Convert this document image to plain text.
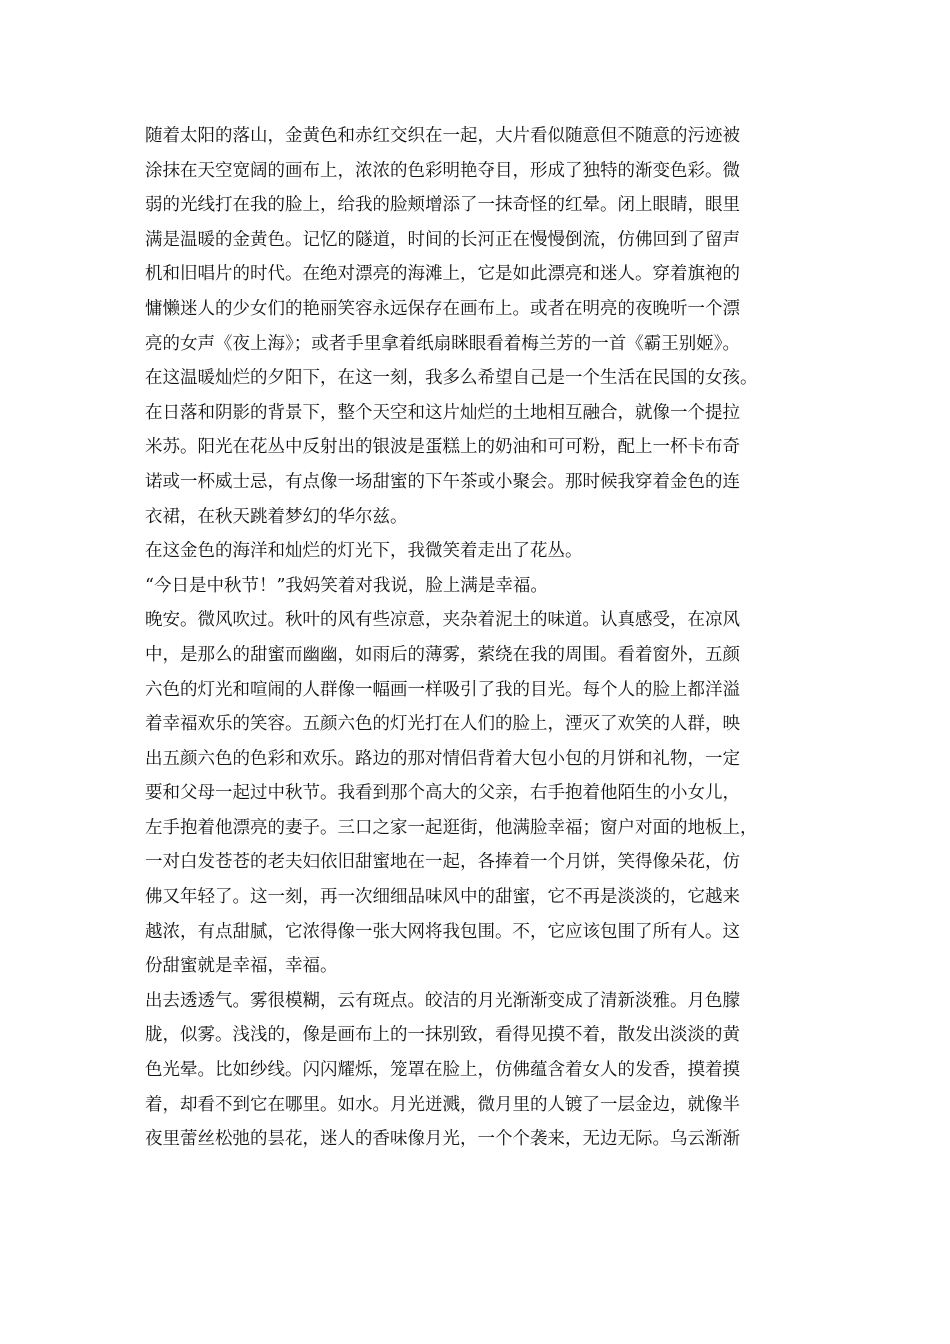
随着太阳的落山，金黄色和赤红交织在一起，大片看似随意但不随意的污迹被
涂抹在天空宽阔的画布上，浓浓的色彩明艳夺目，形成了独特的渐变色彩。微
弱的光线打在我的脸上，给我的脸颊增添了一抹奇怪的红晕。闭上眼睛，眼里
满是温暖的金黄色。记忆的隧道，时间的长河正在慢慢倒流，仿佛回到了留声
机和旧唱片的时代。在绝对漂亮的海滩上，它是如此漂亮和迷人。穿着旗袍的
慵懒迷人的少女们的艳丽笑容永远保存在画布上。或者在明亮的夜晚听一个漂
亮的女声《夜上海》；或者手里拿着纸扇眯眼看着梅兰芳的一首《霸王别姬》。
在这温暖灿烂的夕阳下，在这一刻，我多么希望自己是一个生活在民国的女孩。
在日落和阴影的背景下，整个天空和这片灿烂的土地相互融合，就像一个提拉
米苏。阳光在花丛中反射出的银波是蛋糕上的奶油和可可粉，配上一杯卡布奇
诺或一杯威士忌，有点像一场甜蜜的下午茶或小聚会。那时候我穿着金色的连
衣裙，在秋天跳着梦幻的华尔兹。
在这金色的海洋和灿烂的灯光下，我微笑着走出了花丛。
“今日是中秋节！”我妈笑着对我说，脸上满是幸福。
晚安。微风吹过。秋叶的风有些凉意，夹杂着泥土的味道。认真感受，在凉风
中，是那么的甜蜜而幽幽，如雨后的薄雾，萦绕在我的周围。看着窗外，五颜
六色的灯光和喧闹的人群像一幅画一样吸引了我的目光。每个人的脸上都洋溢
着幸福欢乐的笑容。五颜六色的灯光打在人们的脸上，湮灭了欢笑的人群，映
出五颜六色的色彩和欢乐。路边的那对情侣背着大包小包的月饼和礼物，一定
要和父母一起过中秋节。我看到那个高大的父亲，右手抱着他陌生的小女儿，
左手抱着他漂亮的妻子。三口之家一起逛街，他满脸幸福；窗户对面的地板上，
一对白发苍苍的老夫妇依旧甜蜜地在一起，各捧着一个月饼，笑得像朵花，仿
佛又年轻了。这一刻，再一次细细品味风中的甜蜜，它不再是淡淡的，它越来
越浓，有点甜腻，它浓得像一张大网将我包围。不，它应该包围了所有人。这
份甜蜜就是幸福，幸福。
出去透透气。雾很模糊，云有斑点。皎洁的月光渐渐变成了清新淡雅。月色朦
胧，似雾。浅浅的，像是画布上的一抹别致，看得见摸不着，散发出淡淡的黄
色光晕。比如纱线。闪闪耀烁，笼罩在脸上，仿佛蕴含着女人的发香，摸着摸
着，却看不到它在哪里。如水。月光迸溅，微月里的人镀了一层金边，就像半
夜里蕾丝松弛的昙花，迷人的香味像月光，一个个袭来，无边无际。乌云渐渐
